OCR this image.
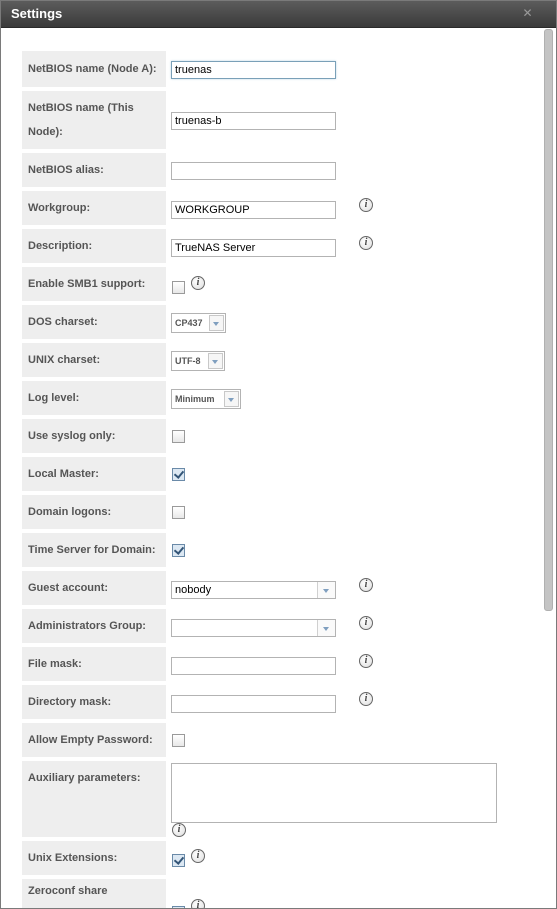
Settings	✕
NetBIOS name (Node A):
truenas
NetBIOS name (This
Node):
truenas-b
NetBIOS alias:
Workgroup:
WORKGROUP	i
Description:
TrueNAS Server	i
Enable SMB1 support:	i
DOS charset:	CP437
UNIX charset:	UTF-8
Log level:	Minimum
Use syslog only:
Local Master:
Domain logons:
Time Server for Domain:
Guest account:	nobody	i
Administrators Group:	i
File mask:	i
Directory mask:	i
Allow Empty Password:
Auxiliary parameters:
i
Unix Extensions:	i
Zeroconf share
i
